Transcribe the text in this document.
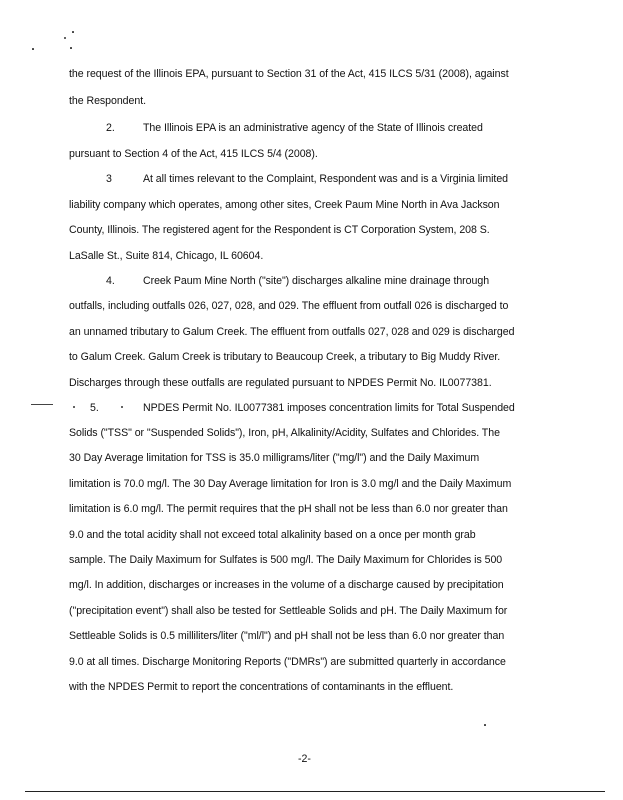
the request of the Illinois EPA, pursuant to Section 31 of the Act, 415 ILCS 5/31 (2008), against
the Respondent.
2.	The Illinois EPA is an administrative agency of the State of Illinois created
pursuant to Section 4 of the Act, 415 ILCS 5/4 (2008).
3	At all times relevant to the Complaint, Respondent was and is a Virginia limited
liability company which operates, among other sites, Creek Paum Mine North in Ava Jackson
County, Illinois. The registered agent for the Respondent is CT Corporation System, 208 S.
LaSalle St., Suite 814, Chicago, IL 60604.
4.	Creek Paum Mine North ("site") discharges alkaline mine drainage through
outfalls, including outfalls 026, 027, 028, and 029. The effluent from outfall 026 is discharged to
an unnamed tributary to Galum Creek. The effluent from outfalls 027, 028 and 029 is discharged
to Galum Creek. Galum Creek is tributary to Beaucoup Creek, a tributary to Big Muddy River.
Discharges through these outfalls are regulated pursuant to NPDES Permit No. IL0077381.
5.	NPDES Permit No. IL0077381 imposes concentration limits for Total Suspended
Solids ("TSS" or "Suspended Solids"), Iron, pH, Alkalinity/Acidity, Sulfates and Chlorides. The
30 Day Average limitation for TSS is 35.0 milligrams/liter ("mg/l") and the Daily Maximum
limitation is 70.0 mg/l. The 30 Day Average limitation for Iron is 3.0 mg/l and the Daily Maximum
limitation is 6.0 mg/l. The permit requires that the pH shall not be less than 6.0 nor greater than
9.0 and the total acidity shall not exceed total alkalinity based on a once per month grab
sample. The Daily Maximum for Sulfates is 500 mg/l. The Daily Maximum for Chlorides is 500
mg/l. In addition, discharges or increases in the volume of a discharge caused by precipitation
("precipitation event") shall also be tested for Settleable Solids and pH. The Daily Maximum for
Settleable Solids is 0.5 milliliters/liter ("ml/l") and pH shall not be less than 6.0 nor greater than
9.0 at all times. Discharge Monitoring Reports ("DMRs") are submitted quarterly in accordance
with the NPDES Permit to report the concentrations of contaminants in the effluent.
-2-
